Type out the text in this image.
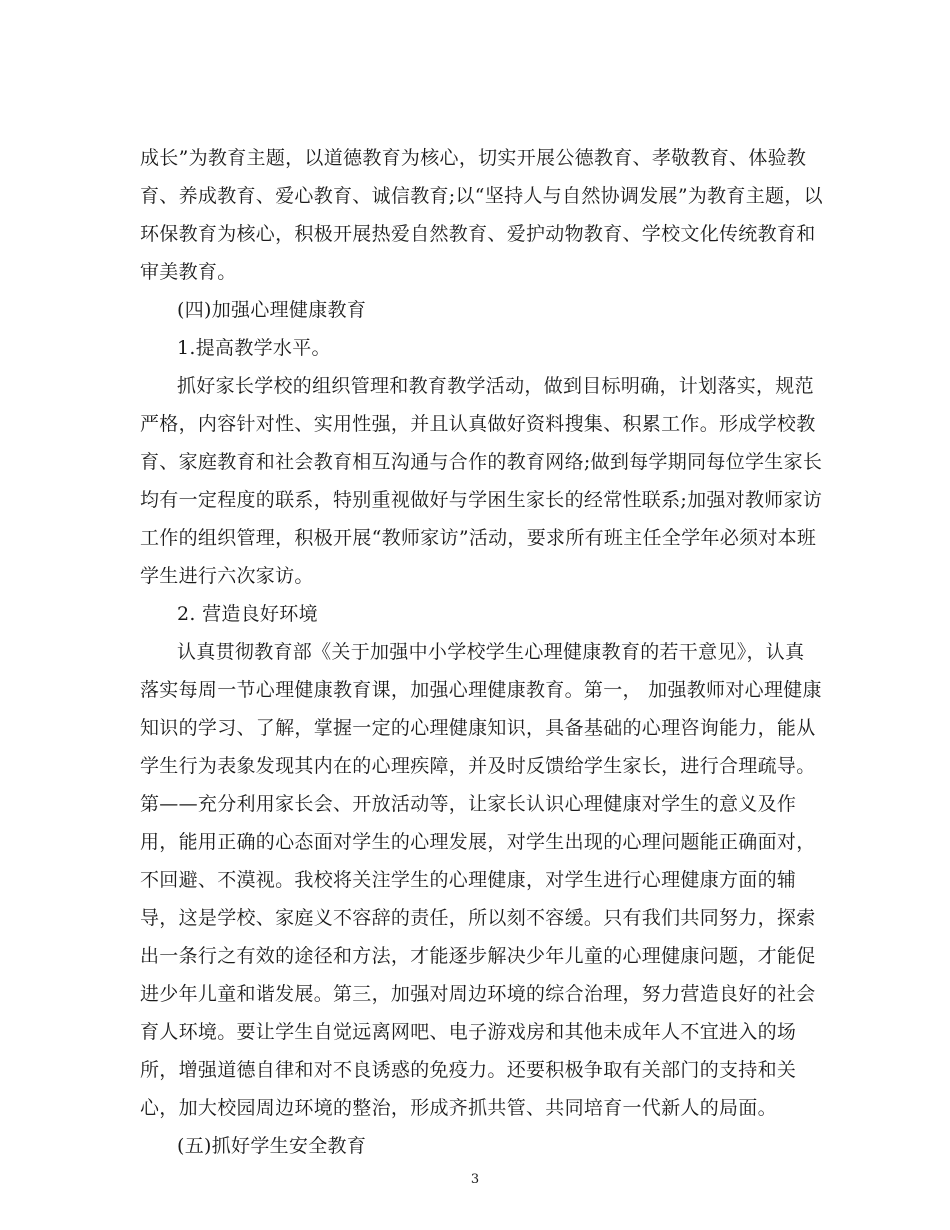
成长”为教育主题，以道德教育为核心，切实开展公德教育、孝敬教育、体验教
育、养成教育、爱心教育、诚信教育;以“坚持人与自然协调发展”为教育主题，以
环保教育为核心，积极开展热爱自然教育、爱护动物教育、学校文化传统教育和
审美教育。
(四)加强心理健康教育
1.提高教学水平。
抓好家长学校的组织管理和教育教学活动，做到目标明确，计划落实，规范
严格，内容针对性、实用性强，并且认真做好资料搜集、积累工作。形成学校教
育、家庭教育和社会教育相互沟通与合作的教育网络;做到每学期同每位学生家长
均有一定程度的联系，特别重视做好与学困生家长的经常性联系;加强对教师家访
工作的组织管理，积极开展“教师家访”活动，要求所有班主任全学年必须对本班
学生进行六次家访。
2. 营造良好环境
认真贯彻教育部《关于加强中小学校学生心理健康教育的若干意见》，认真
落实每周一节心理健康教育课，加强心理健康教育。第一， 加强教师对心理健康
知识的学习、了解，掌握一定的心理健康知识，具备基础的心理咨询能力，能从
学生行为表象发现其内在的心理疾障，并及时反馈给学生家长，进行合理疏导。
第——充分利用家长会、开放活动等，让家长认识心理健康对学生的意义及作
用，能用正确的心态面对学生的心理发展，对学生出现的心理问题能正确面对，
不回避、不漠视。我校将关注学生的心理健康，对学生进行心理健康方面的辅
导，这是学校、家庭义不容辞的责任，所以刻不容缓。只有我们共同努力，探索
出一条行之有效的途径和方法，才能逐步解决少年儿童的心理健康问题，才能促
进少年儿童和谐发展。第三，加强对周边环境的综合治理，努力营造良好的社会
育人环境。要让学生自觉远离网吧、电子游戏房和其他未成年人不宜进入的场
所，增强道德自律和对不良诱惑的免疫力。还要积极争取有关部门的支持和关
心，加大校园周边环境的整治，形成齐抓共管、共同培育一代新人的局面。
(五)抓好学生安全教育
3
